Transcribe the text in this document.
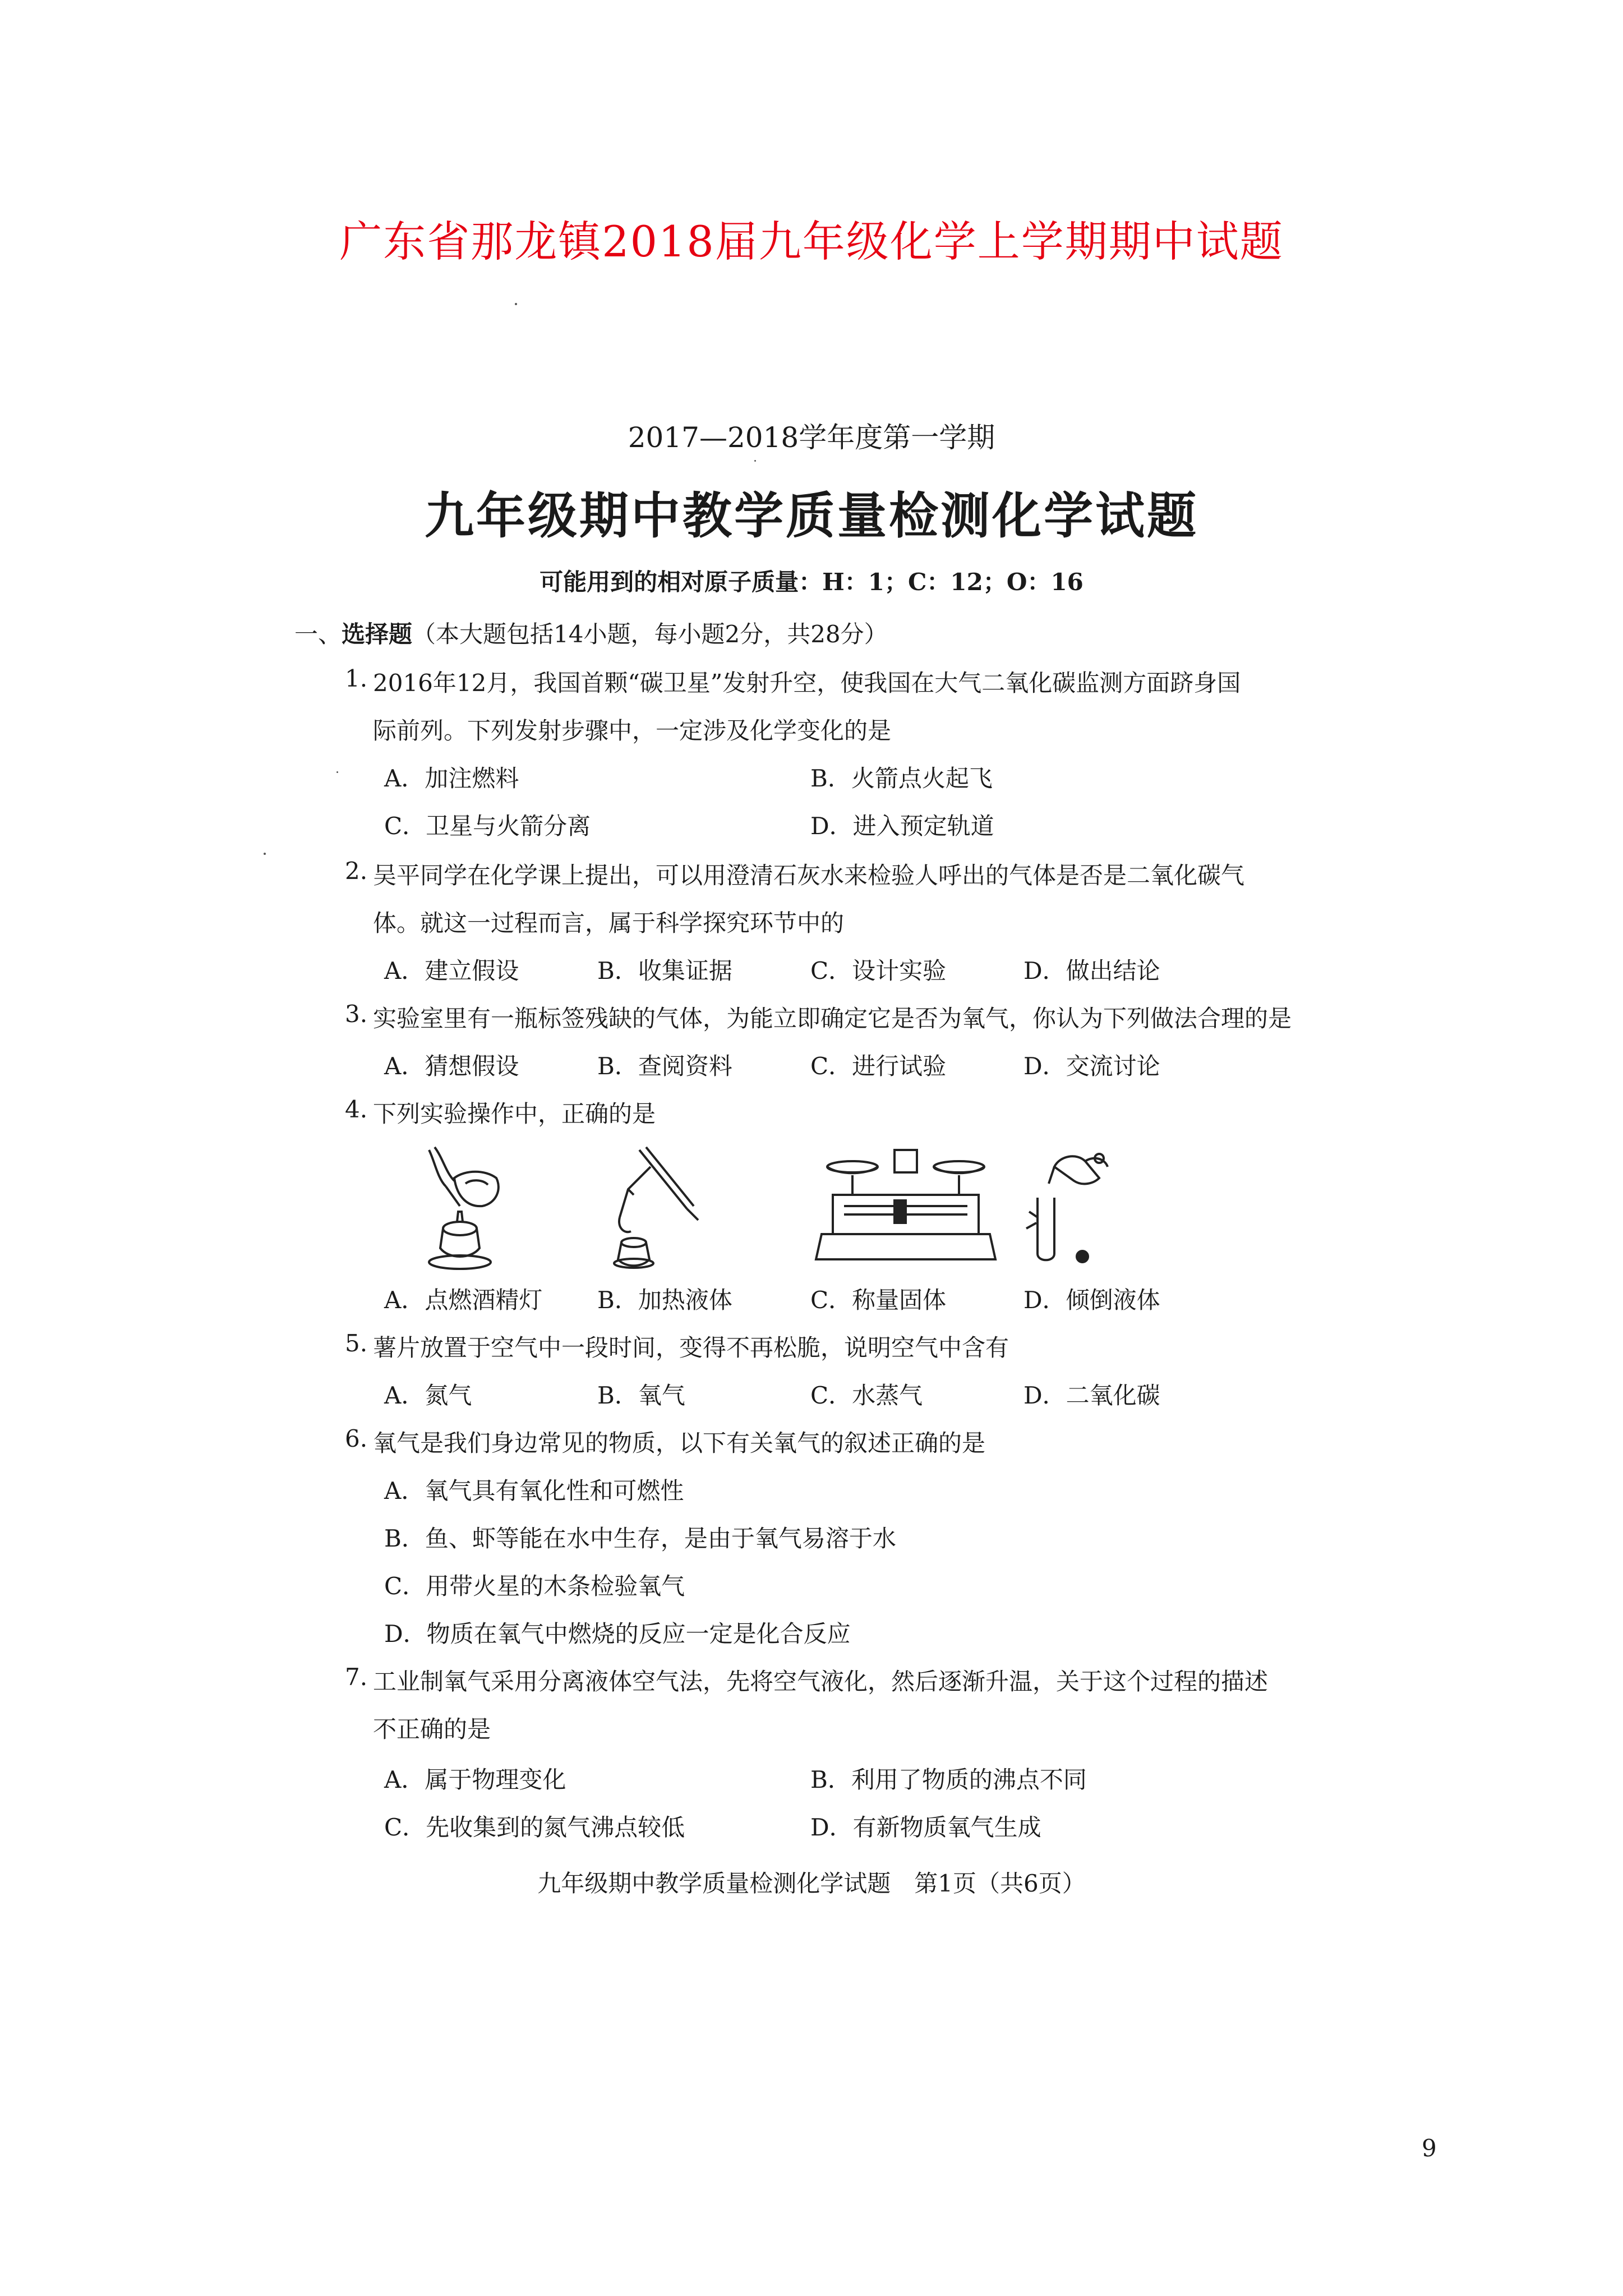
广东省那龙镇2018届九年级化学上学期期中试题
2017—2018学年度第一学期
九年级期中教学质量检测化学试题
可能用到的相对原子质量：H：1；C：12；O：16
一、选择题（本大题包括14小题，每小题2分，共28分）
1. 2016年12月，我国首颗“碳卫星”发射升空，使我国在大气二氧化碳监测方面跻身国
际前列。下列发射步骤中，一定涉及化学变化的是
A．加注燃料	B．火箭点火起飞
C．卫星与火箭分离	D．进入预定轨道
2. 吴平同学在化学课上提出，可以用澄清石灰水来检验人呼出的气体是否是二氧化碳气
体。就这一过程而言，属于科学探究环节中的
A．建立假设	B．收集证据	C．设计实验	D．做出结论
3. 实验室里有一瓶标签残缺的气体，为能立即确定它是否为氧气，你认为下列做法合理的是
A．猜想假设	B．查阅资料	C．进行试验	D．交流讨论
4. 下列实验操作中，正确的是
A．点燃酒精灯 B．加热液体	C．称量固体	D．倾倒液体
5. 薯片放置于空气中一段时间，变得不再松脆，说明空气中含有
A．氮气	B．氧气	C．水蒸气	D．二氧化碳
6. 氧气是我们身边常见的物质，以下有关氧气的叙述正确的是
A．氧气具有氧化性和可燃性
B．鱼、虾等能在水中生存，是由于氧气易溶于水
C．用带火星的木条检验氧气
D．物质在氧气中燃烧的反应一定是化合反应
7. 工业制氧气采用分离液体空气法，先将空气液化，然后逐渐升温，关于这个过程的描述
不正确的是
A．属于物理变化	B．利用了物质的沸点不同
C．先收集到的氮气沸点较低	D．有新物质氧气生成
九年级期中教学质量检测化学试题　第1页（共6页）
9
